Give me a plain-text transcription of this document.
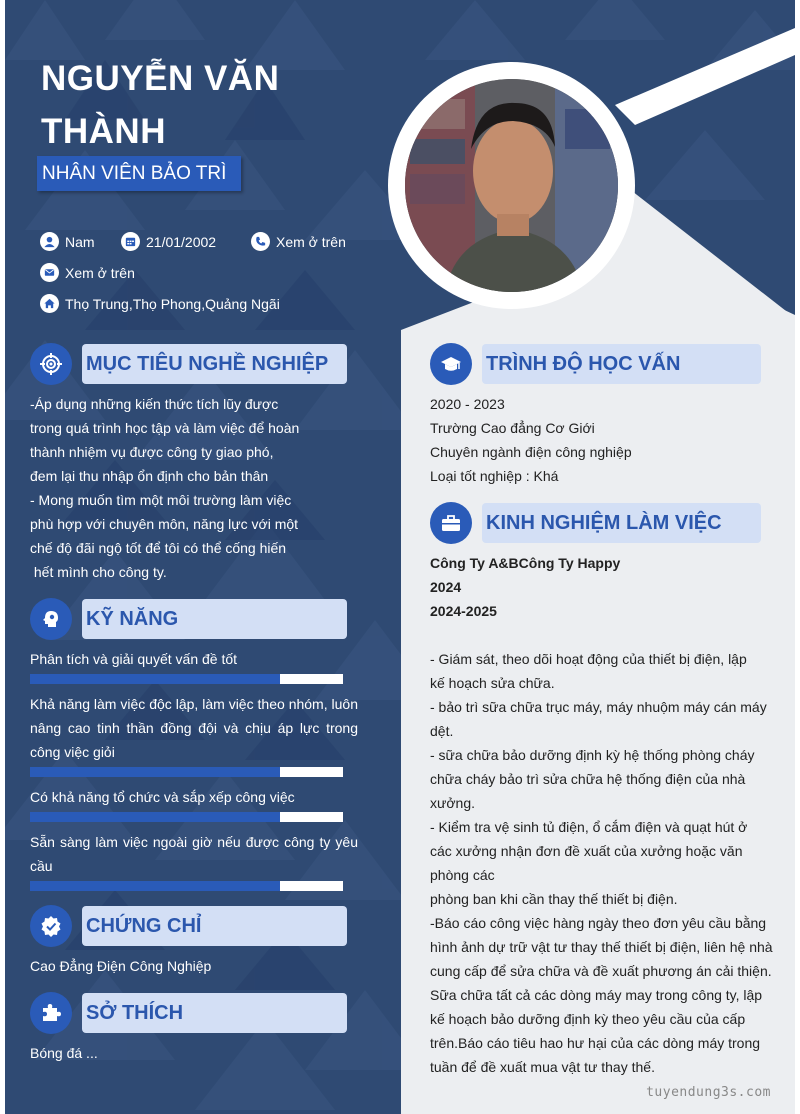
NGUYỄN VĂN
THÀNH
NHÂN VIÊN BẢO TRÌ
Nam	21/01/2002	Xem ở trên
Xem ở trên
Thọ Trung,Thọ Phong,Quảng Ngãi
MỤC TIÊU NGHỀ NGHIỆP
-Áp dụng những kiến thức tích lũy được
trong quá trình học tập và làm việc để hoàn
thành nhiệm vụ được công ty giao phó,
đem lại thu nhập ổn định cho bản thân
- Mong muốn tìm một môi trường làm việc
phù hợp với chuyên môn, năng lực với một
chế độ đãi ngộ tốt để tôi có thể cống hiến
hết mình cho công ty.
KỸ NĂNG
Phân tích và giải quyết vấn đề tốt
Khả năng làm việc độc lập, làm việc theo nhóm, luôn nâng cao tinh thần đồng đội và chịu áp lực trong công việc giỏi
Có khả năng tổ chức và sắp xếp công việc
Sẵn sàng làm việc ngoài giờ nếu được công ty yêu cầu
CHỨNG CHỈ
Cao Đẳng Điện Công Nghiệp
SỞ THÍCH
Bóng đá ...
TRÌNH ĐỘ HỌC VẤN
2020 - 2023
Trường Cao đẳng Cơ Giới
Chuyên ngành điện công nghiệp
Loại tốt nghiệp : Khá
KINH NGHIỆM LÀM VIỆC
Công Ty A&BCông Ty Happy
2024
2024-2025
- Giám sát, theo dõi hoạt động của thiết bị điện, lập
kế hoạch sửa chữa.
- bảo trì sữa chữa trục máy, máy nhuộm máy cán máy
dệt.
- sữa chữa bảo dưỡng định kỳ hệ thống phòng cháy
chữa cháy bảo trì sửa chữa hệ thống điện của nhà
xưởng.
- Kiểm tra vệ sinh tủ điện, ổ cắm điện và quạt hút ở
các xưởng nhận đơn đề xuất của xưởng hoặc văn
phòng các
phòng ban khi cần thay thế thiết bị điện.
-Báo cáo công việc hàng ngày theo đơn yêu cầu bằng
hình ảnh dự trữ vật tư thay thế thiết bị điện, liên hệ nhà
cung cấp để sửa chữa và đề xuất phương án cải thiện.
Sữa chữa tất cả các dòng máy may trong công ty, lập
kế hoạch bảo dưỡng định kỳ theo yêu cầu của cấp
trên.Báo cáo tiêu hao hư hại của các dòng máy trong
tuần để đề xuất mua vật tư thay thế.
tuyendung3s.com
